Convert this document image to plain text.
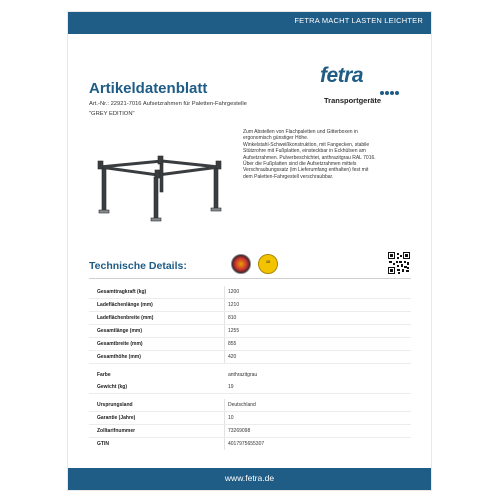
FETRA MACHT LASTEN LEICHTER
Artikeldatenblatt
Art.-Nr.: 22921-7016 Aufsetzrahmen für Paletten-Fahrgestelle
"GREY EDITION"
fetra
Transportgeräte
Zum Abstellen von Flachpaletten und Gitterboxen in
ergonomisch günstiger Höhe.
Winkelstahl-Schweißkonstruktion, mit Fangecken, stabile
Stützrohre mit Fußplatten, einsteckbar in Eckhülsen am
Aufsetzrahmen. Pulverbeschichtet, anthrazitgrau RAL 7016.
Über die Fußplatten sind die Aufsetzrahmen mittels
Verschraubungssatz (im Lieferumfang enthalten) fest mit
dem Paletten-Fahrgestell verschraubbar.
Technische Details:	10
Gesamttragkraft (kg)	1200
Ladeflächenlänge (mm)	1210
Ladeflächenbreite (mm)	810
Gesamtlänge (mm)	1255
Gesamtbreite (mm)	855
Gesamthöhe (mm)	420
Farbe	anthrazitgrau
Gewicht (kg)	19
Ursprungsland	Deutschland
Garantie (Jahre)	10
Zolltarifnummer	73269098
GTIN	4017975655307
www.fetra.de
